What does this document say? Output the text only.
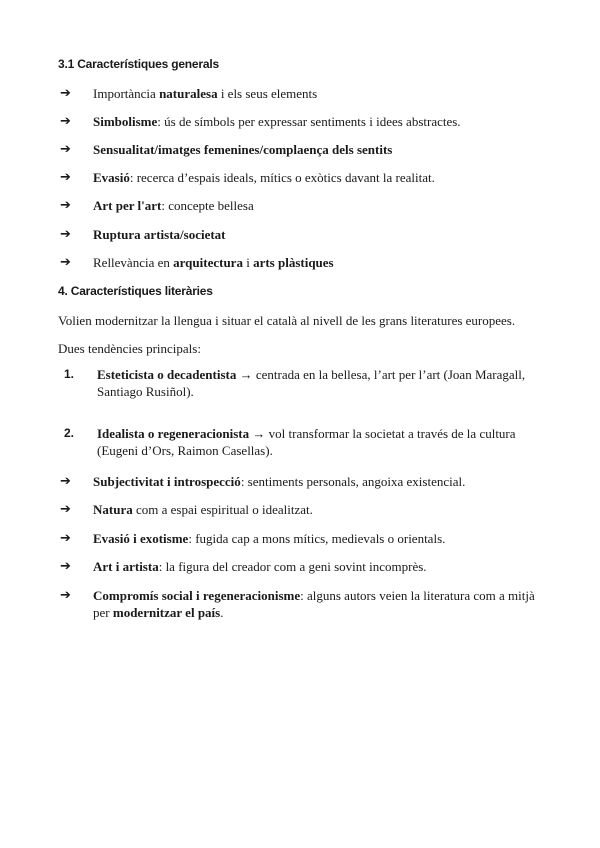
3.1 Característiques generals
➔	Importància naturalesa i els seus elements
➔	Simbolisme: ús de símbols per expressar sentiments i idees abstractes.
➔	Sensualitat/imatges femenines/complaença dels sentits
➔	Evasió: recerca d’espais ideals, mítics o exòtics davant la realitat.
➔	Art per l'art: concepte bellesa
➔	Ruptura artista/societat
➔	Rellevància en arquitectura i arts plàstiques
4. Característiques literàries
Volien modernitzar la llengua i situar el català al nivell de les grans literatures europees.
Dues tendències principals:
1.	Esteticista o decadentista → centrada en la bellesa, l’art per l’art (Joan Maragall, Santiago Rusiñol).
2.	Idealista o regeneracionista → vol transformar la societat a través de la cultura (Eugeni d’Ors, Raimon Casellas).
➔	Subjectivitat i introspecció: sentiments personals, angoixa existencial.
➔	Natura com a espai espiritual o idealitzat.
➔	Evasió i exotisme: fugida cap a mons mítics, medievals o orientals.
➔	Art i artista: la figura del creador com a geni sovint incomprès.
➔	Compromís social i regeneracionisme: alguns autors veien la literatura com a mitjà per modernitzar el país.
